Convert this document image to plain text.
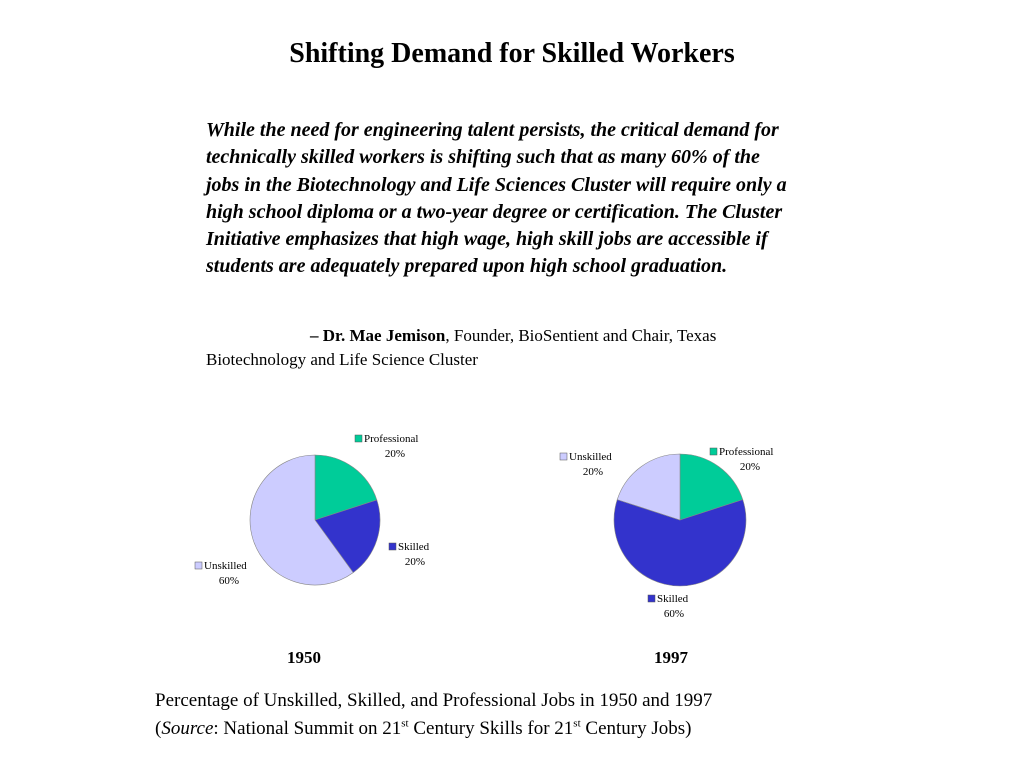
Shifting Demand for Skilled Workers

While the need for engineering talent persists, the critical demand for technically skilled workers is shifting such that as many 60% of the jobs in the Biotechnology and Life Sciences Cluster will require only a high school diploma or a two-year degree or certification. The Cluster Initiative emphasizes that high wage, high skill jobs are accessible if students are adequately prepared upon high school graduation.

– Dr. Mae Jemison, Founder, BioSentient and Chair, Texas Biotechnology and Life Science Cluster

Professional
20%
Skilled
20%
Unskilled
60%
Professional
20%
Skilled
60%
Unskilled
20%
1950	1997

Percentage of Unskilled, Skilled, and Professional Jobs in 1950 and 1997
(Source: National Summit on 21st Century Skills for 21st Century Jobs)
